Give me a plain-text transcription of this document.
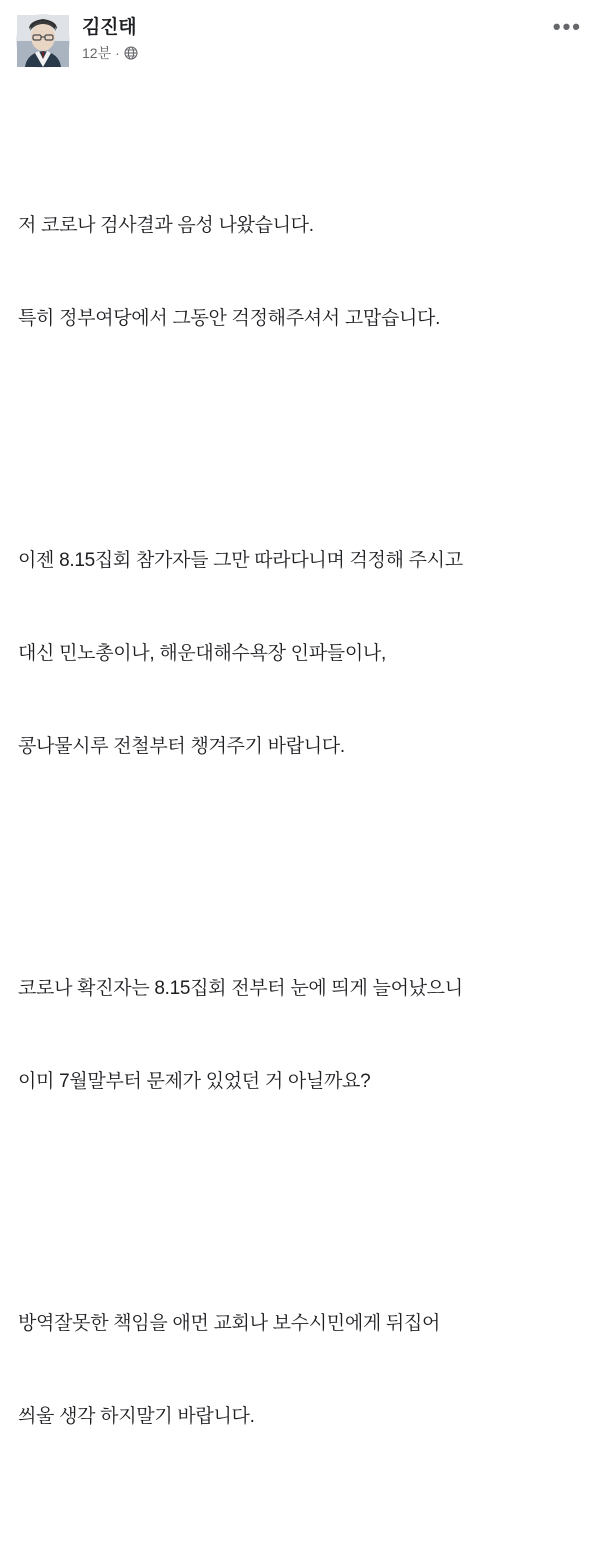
김진태
12분 ·
•••

저 코로나 검사결과 음성 나왔습니다.

특히 정부여당에서 그동안 걱정해주셔서 고맙습니다.

이젠 8.15집회 참가자들 그만 따라다니며 걱정해 주시고

대신 민노총이나, 해운대해수욕장 인파들이나,

콩나물시루 전철부터 챙겨주기 바랍니다.

코로나 확진자는 8.15집회 전부터 눈에 띄게 늘어났으니

이미 7월말부터 문제가 있었던 거 아닐까요?

방역잘못한 책임을 애먼 교회나 보수시민에게 뒤집어

씌울 생각 하지말기 바랍니다.
